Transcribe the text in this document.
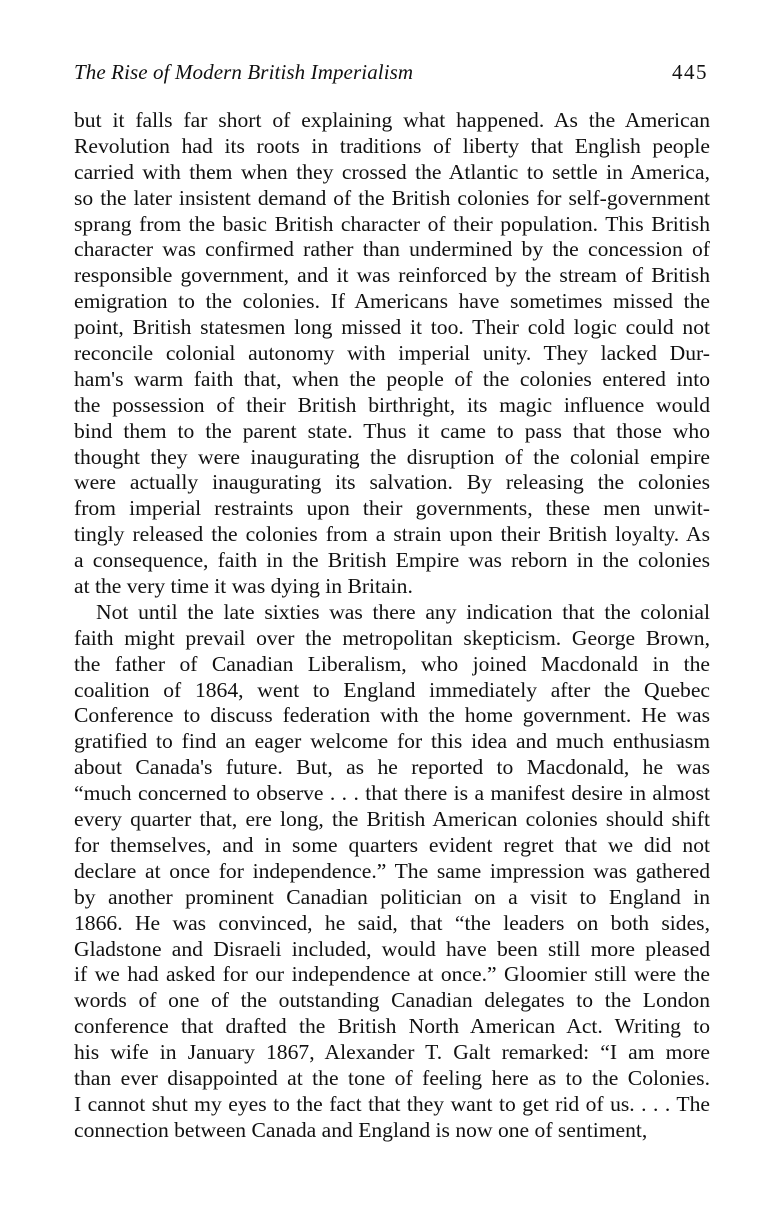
The Rise of Modern British Imperialism	445
but it falls far short of explaining what happened. As the American
Revolution had its roots in traditions of liberty that English people
carried with them when they crossed the Atlantic to settle in America,
so the later insistent demand of the British colonies for self-government
sprang from the basic British character of their population. This British
character was confirmed rather than undermined by the concession of
responsible government, and it was reinforced by the stream of British
emigration to the colonies. If Americans have sometimes missed the
point, British statesmen long missed it too. Their cold logic could not
reconcile colonial autonomy with imperial unity. They lacked Dur-
ham's warm faith that, when the people of the colonies entered into
the possession of their British birthright, its magic influence would
bind them to the parent state. Thus it came to pass that those who
thought they were inaugurating the disruption of the colonial empire
were actually inaugurating its salvation. By releasing the colonies
from imperial restraints upon their governments, these men unwit-
tingly released the colonies from a strain upon their British loyalty. As
a consequence, faith in the British Empire was reborn in the colonies
at the very time it was dying in Britain.
Not until the late sixties was there any indication that the colonial
faith might prevail over the metropolitan skepticism. George Brown,
the father of Canadian Liberalism, who joined Macdonald in the
coalition of 1864, went to England immediately after the Quebec
Conference to discuss federation with the home government. He was
gratified to find an eager welcome for this idea and much enthusiasm
about Canada's future. But, as he reported to Macdonald, he was
“much concerned to observe . . . that there is a manifest desire in almost
every quarter that, ere long, the British American colonies should shift
for themselves, and in some quarters evident regret that we did not
declare at once for independence.” The same impression was gathered
by another prominent Canadian politician on a visit to England in
1866. He was convinced, he said, that “the leaders on both sides,
Gladstone and Disraeli included, would have been still more pleased
if we had asked for our independence at once.” Gloomier still were the
words of one of the outstanding Canadian delegates to the London
conference that drafted the British North American Act. Writing to
his wife in January 1867, Alexander T. Galt remarked: “I am more
than ever disappointed at the tone of feeling here as to the Colonies.
I cannot shut my eyes to the fact that they want to get rid of us. . . . The
connection between Canada and England is now one of sentiment,
